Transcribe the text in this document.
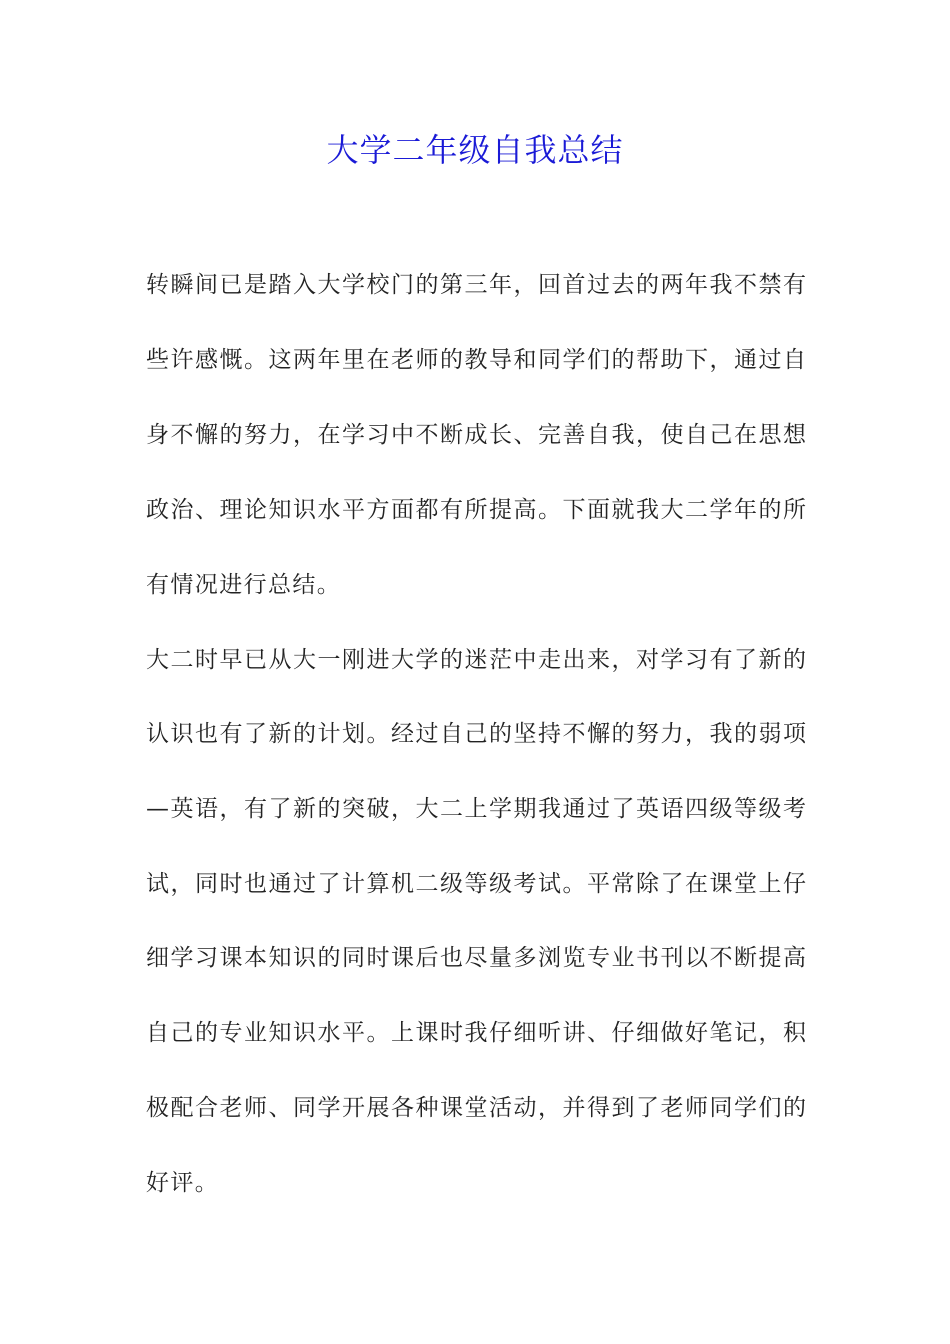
大学二年级自我总结
转瞬间已是踏入大学校门的第三年，回首过去的两年我不禁有
些许感慨。这两年里在老师的教导和同学们的帮助下，通过自
身不懈的努力，在学习中不断成长、完善自我，使自己在思想
政治、理论知识水平方面都有所提高。下面就我大二学年的所
有情况进行总结。
大二时早已从大一刚进大学的迷茫中走出来，对学习有了新的
认识也有了新的计划。经过自己的坚持不懈的努力，我的弱项
—英语，有了新的突破，大二上学期我通过了英语四级等级考
试，同时也通过了计算机二级等级考试。平常除了在课堂上仔
细学习课本知识的同时课后也尽量多浏览专业书刊以不断提高
自己的专业知识水平。上课时我仔细听讲、仔细做好笔记，积
极配合老师、同学开展各种课堂活动，并得到了老师同学们的
好评。
